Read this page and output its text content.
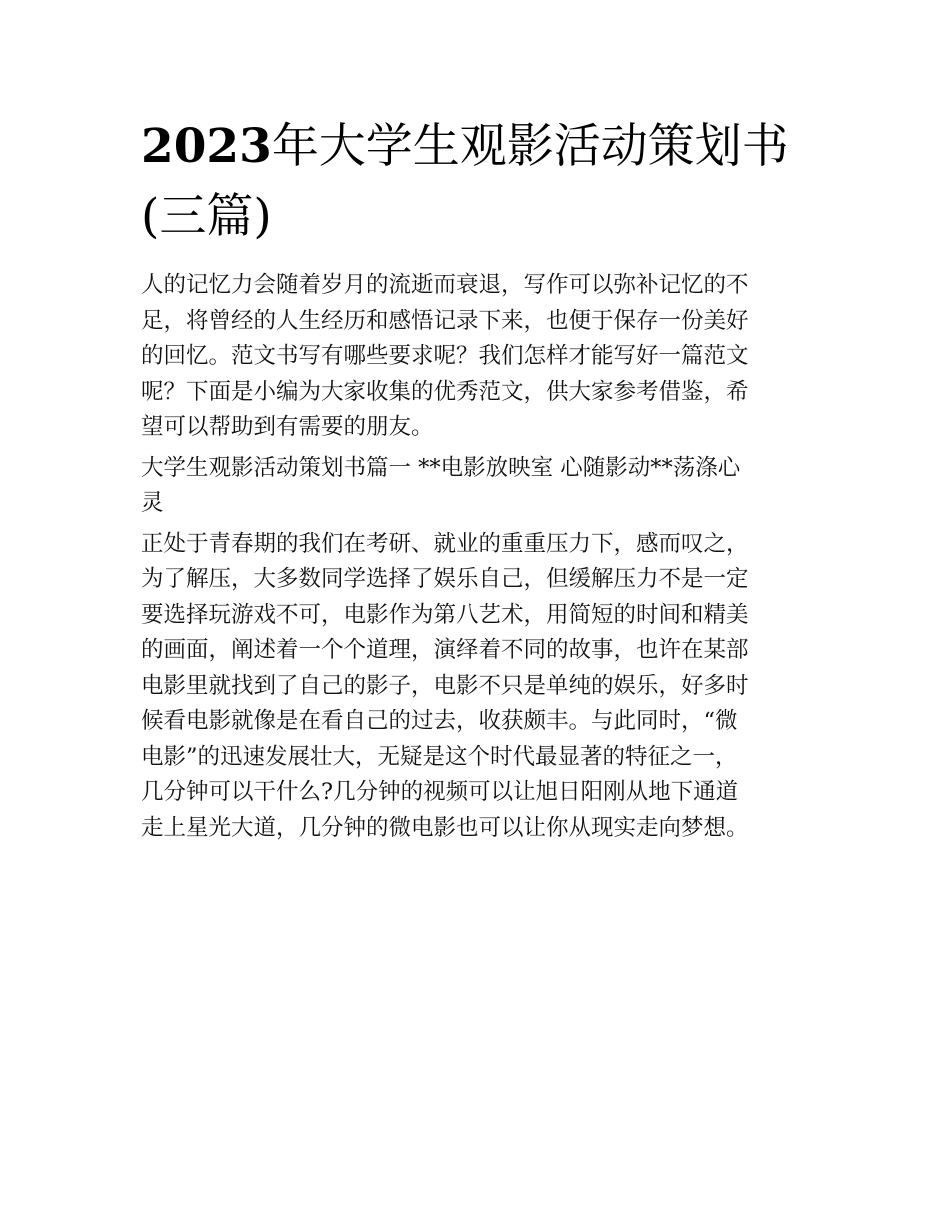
2023年大学生观影活动策划书
(三篇)

人的记忆力会随着岁月的流逝而衰退，写作可以弥补记忆的不
足，将曾经的人生经历和感悟记录下来，也便于保存一份美好
的回忆。范文书写有哪些要求呢？我们怎样才能写好一篇范文
呢？下面是小编为大家收集的优秀范文，供大家参考借鉴，希
望可以帮助到有需要的朋友。

大学生观影活动策划书篇一 **电影放映室 心随影动**荡涤心
灵

正处于青春期的我们在考研、就业的重重压力下，感而叹之，
为了解压，大多数同学选择了娱乐自己，但缓解压力不是一定
要选择玩游戏不可，电影作为第八艺术，用简短的时间和精美
的画面，阐述着一个个道理，演绎着不同的故事，也许在某部
电影里就找到了自己的影子，电影不只是单纯的娱乐，好多时
候看电影就像是在看自己的过去，收获颇丰。与此同时，“微
电影”的迅速发展壮大，无疑是这个时代最显著的特征之一，
几分钟可以干什么?几分钟的视频可以让旭日阳刚从地下通道
走上星光大道，几分钟的微电影也可以让你从现实走向梦想。
